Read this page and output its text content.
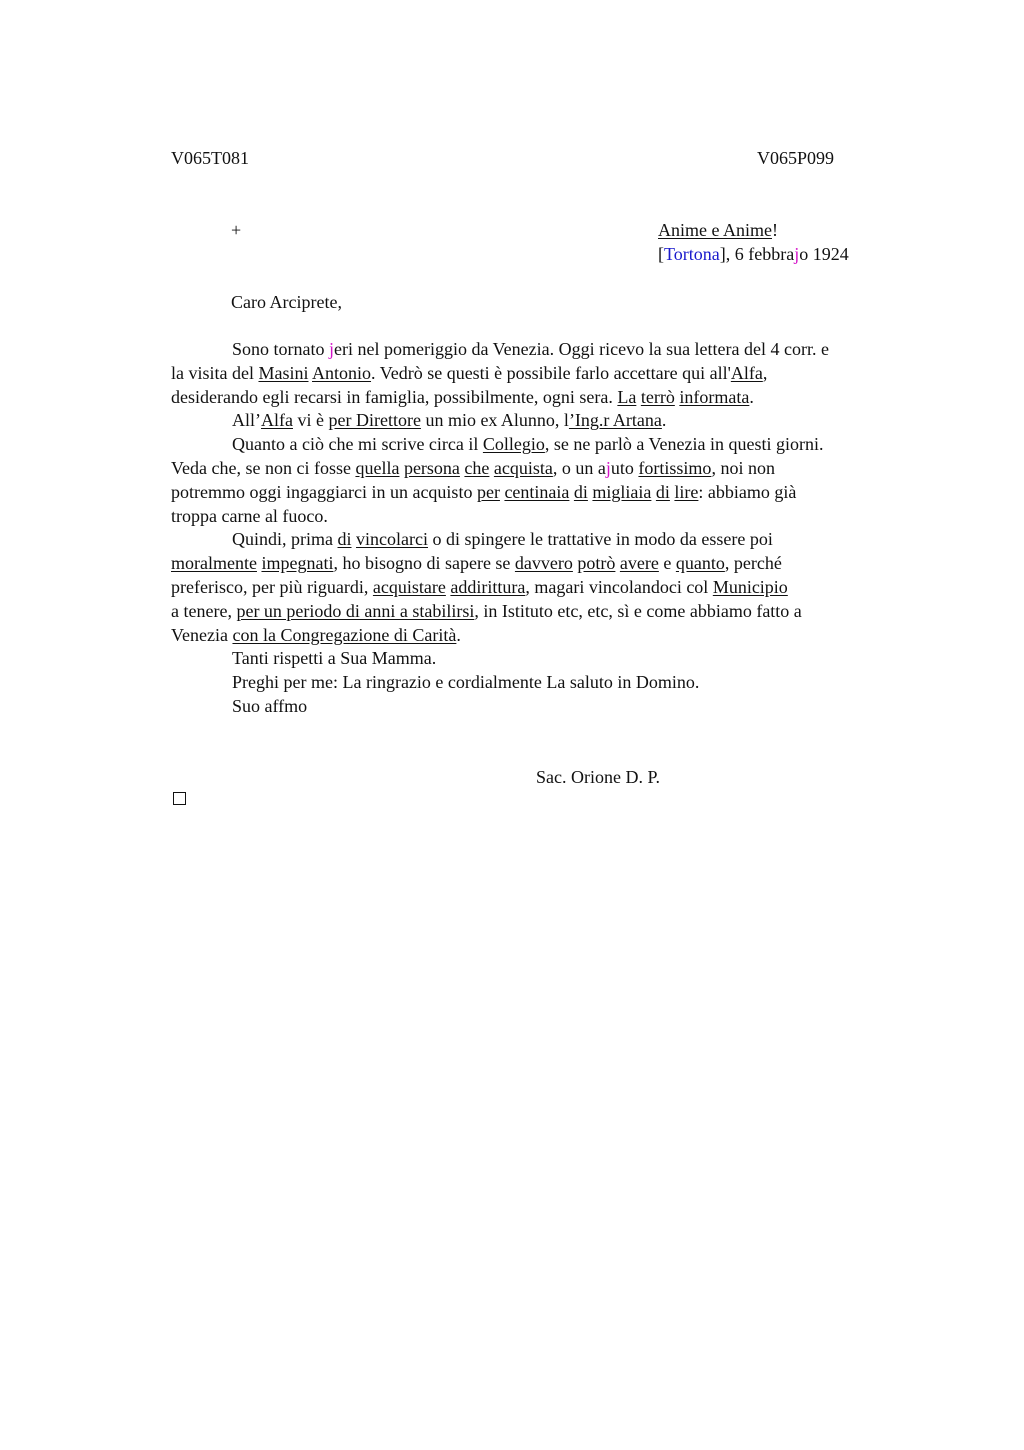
V065T081	V065P099
+	Anime e Anime!
[Tortona], 6 febbrajo 1924
Caro Arciprete,
Sono tornato jeri nel pomeriggio da Venezia. Oggi ricevo la sua lettera del 4 corr. e
la visita del Masini Antonio. Vedrò se questi è possibile farlo accettare qui all'Alfa,
desiderando egli recarsi in famiglia, possibilmente, ogni sera. La terrò informata.
All’Alfa vi è per Direttore un mio ex Alunno, l’Ing.r Artana.
Quanto a ciò che mi scrive circa il Collegio, se ne parlò a Venezia in questi giorni.
Veda che, se non ci fosse quella persona che acquista, o un ajuto fortissimo, noi non
potremmo oggi ingaggiarci in un acquisto per centinaia di migliaia di lire: abbiamo già
troppa carne al fuoco.
Quindi, prima di vincolarci o di spingere le trattative in modo da essere poi
moralmente impegnati, ho bisogno di sapere se davvero potrò avere e quanto, perché
preferisco, per più riguardi, acquistare addirittura, magari vincolandoci col Municipio
a tenere, per un periodo di anni a stabilirsi, in Istituto etc, etc, sì e come abbiamo fatto a
Venezia con la Congregazione di Carità.
Tanti rispetti a Sua Mamma.
Preghi per me: La ringrazio e cordialmente La saluto in Domino.
Suo affmo
Sac. Orione D. P.
